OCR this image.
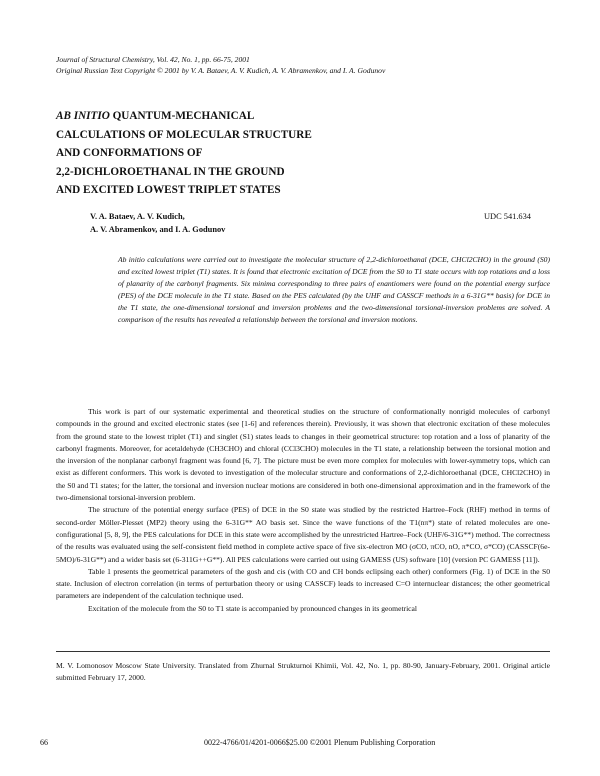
Journal of Structural Chemistry, Vol. 42, No. 1, pp. 66-75, 2001
Original Russian Text Copyright © 2001 by V. A. Bataev, A. V. Kudich, A. V. Abramenkov, and I. A. Godunov
AB INITIO QUANTUM-MECHANICAL
CALCULATIONS OF MOLECULAR STRUCTURE
AND CONFORMATIONS OF
2,2-DICHLOROETHANAL IN THE GROUND
AND EXCITED LOWEST TRIPLET STATES
V. A. Bataev, A. V. Kudich,
A. V. Abramenkov, and I. A. Godunov
UDC 541.634
Ab initio calculations were carried out to investigate the molecular structure of 2,2-dichloroethanal (DCE, CHCl2CHO) in the ground (S0) and excited lowest triplet (T1) states. It is found that electronic excitation of DCE from the S0 to T1 state occurs with top rotations and a loss of planarity of the carbonyl fragments. Six minima corresponding to three pairs of enantiomers were found on the potential energy surface (PES) of the DCE molecule in the T1 state. Based on the PES calculated (by the UHF and CASSCF methods in a 6-31G** basis) for DCE in the T1 state, the one-dimensional torsional and inversion problems and the two-dimensional torsional-inversion problems are solved. A comparison of the results has revealed a relationship between the torsional and inversion motions.

This work is part of our systematic experimental and theoretical studies on the structure of conformationally nonrigid molecules of carbonyl compounds in the ground and excited electronic states (see [1-6] and references therein). Previously, it was shown that electronic excitation of these molecules from the ground state to the lowest triplet (T1) and singlet (S1) states leads to changes in their geometrical structure: top rotation and a loss of planarity of the carbonyl fragments. Moreover, for acetaldehyde (CH3CHO) and chloral (CCl3CHO) molecules in the T1 state, a relationship between the torsional motion and the inversion of the nonplanar carbonyl fragment was found [6, 7]. The picture must be even more complex for molecules with lower-symmetry tops, which can exist as different conformers. This work is devoted to investigation of the molecular structure and conformations of 2,2-dichloroethanal (DCE, CHCl2CHO) in the S0 and T1 states; for the latter, the torsional and inversion nuclear motions are considered in both one-dimensional approximation and in the framework of the two-dimensional torsional-inversion problem.

The structure of the potential energy surface (PES) of DCE in the S0 state was studied by the restricted Hartree–Fock (RHF) method in terms of second-order Möller-Plesset (MP2) theory using the 6-31G** AO basis set. Since the wave functions of the T1(nπ*) state of related molecules are one-configurational [5, 8, 9], the PES calculations for DCE in this state were accomplished by the unrestricted Hartree–Fock (UHF/6-31G**) method. The correctness of the results was evaluated using the self-consistent field method in complete active space of five six-electron MO (σCO, πCO, nO, π*CO, σ*CO) (CASSCF(6e-5MO)/6-31G**) and a wider basis set (6-311G++G**). All PES calculations were carried out using GAMESS (US) software [10] (version PC GAMESS [11]).

Table 1 presents the geometrical parameters of the gosh and cis (with CO and CH bonds eclipsing each other) conformers (Fig. 1) of DCE in the S0 state. Inclusion of electron correlation (in terms of perturbation theory or using CASSCF) leads to increased C=O internuclear distances; the other geometrical parameters are independent of the calculation technique used.

Excitation of the molecule from the S0 to T1 state is accompanied by pronounced changes in its geometrical

M. V. Lomonosov Moscow State University. Translated from Zhurnal Strukturnoi Khimii, Vol. 42, No. 1, pp. 80-90, January-February, 2001. Original article submitted February 17, 2000.
66	0022-4766/01/4201-0066$25.00 ©2001 Plenum Publishing Corporation
